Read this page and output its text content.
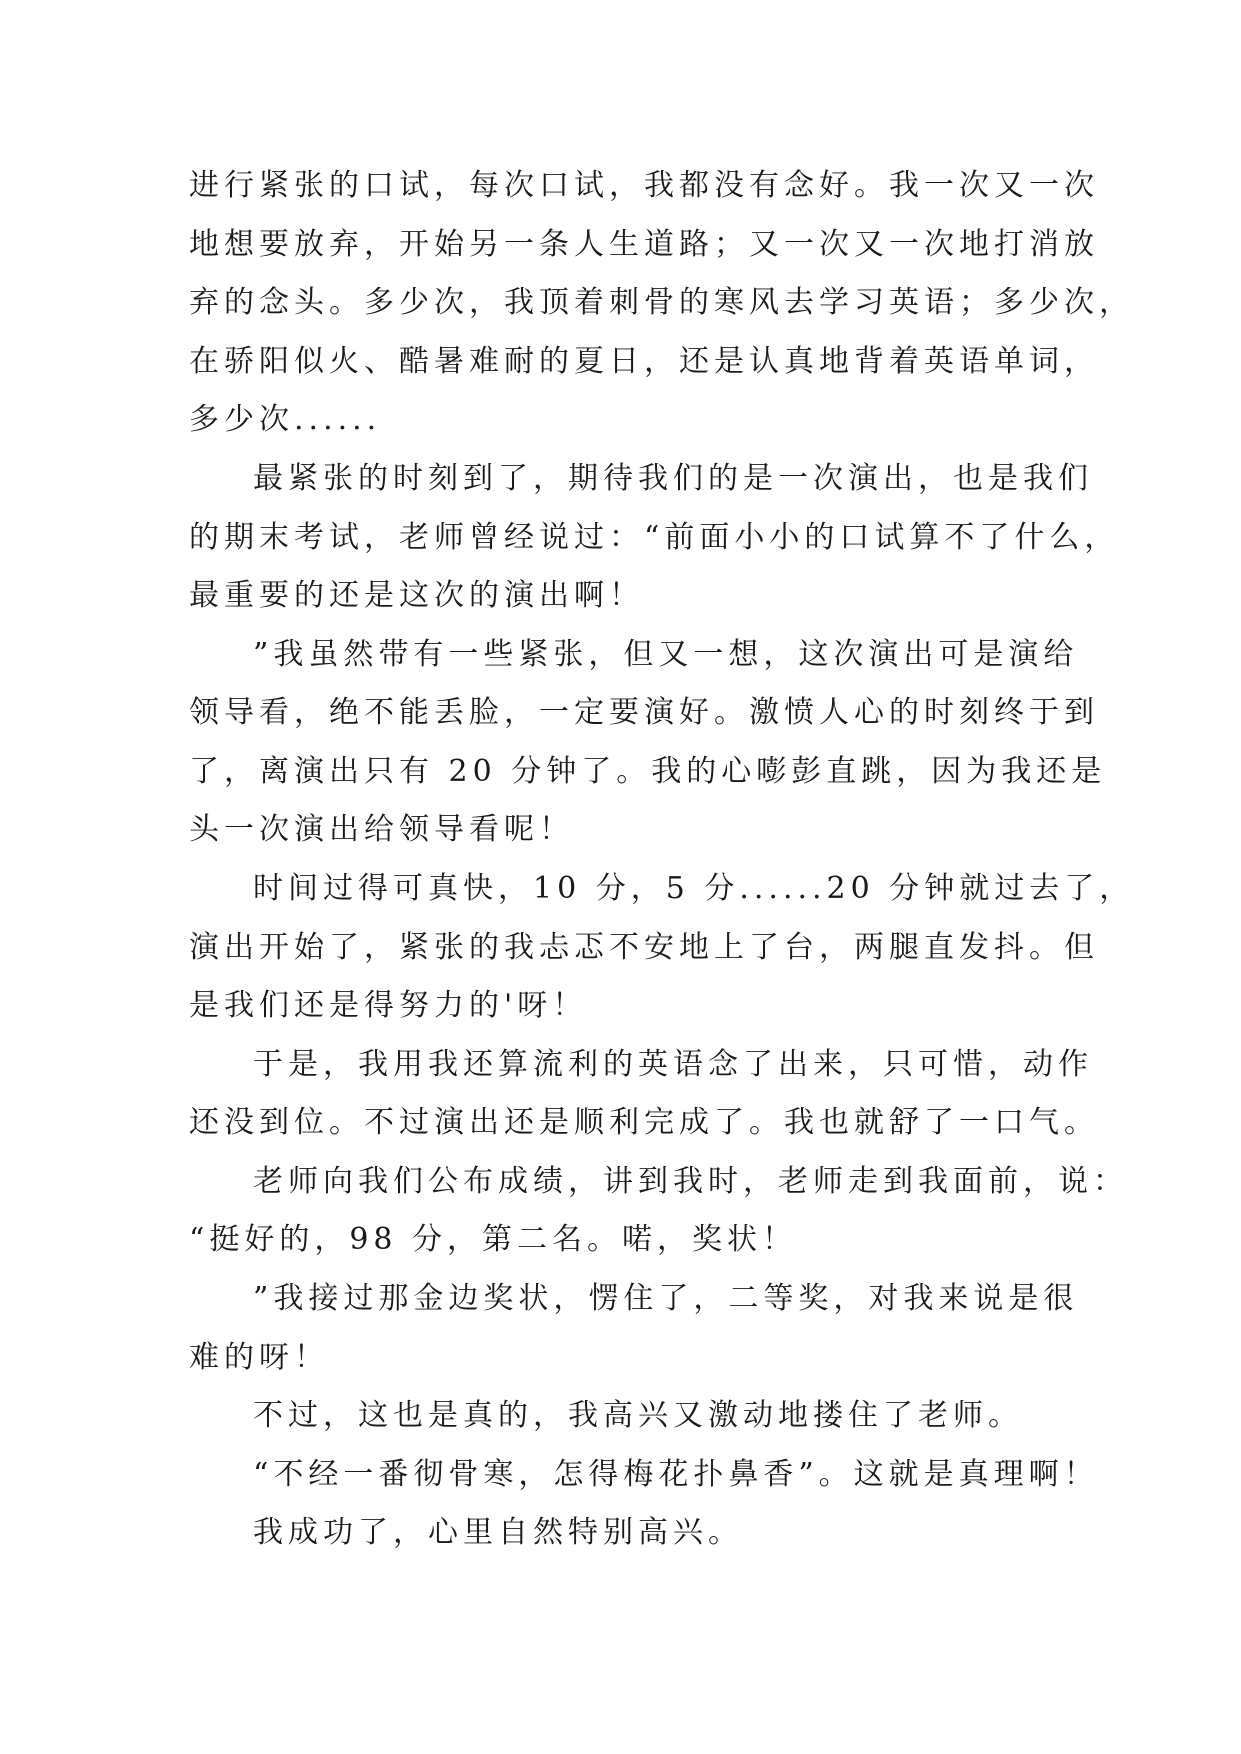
进行紧张的口试，每次口试，我都没有念好。我一次又一次
地想要放弃，开始另一条人生道路；又一次又一次地打消放
弃的念头。多少次，我顶着刺骨的寒风去学习英语；多少次，
在骄阳似火、酷暑难耐的夏日，还是认真地背着英语单词，
多少次......
最紧张的时刻到了，期待我们的是一次演出，也是我们
的期末考试，老师曾经说过：“前面小小的口试算不了什么，
最重要的还是这次的演出啊！
”我虽然带有一些紧张，但又一想，这次演出可是演给
领导看，绝不能丢脸，一定要演好。激愤人心的时刻终于到
了，离演出只有 20 分钟了。我的心嘭彭直跳，因为我还是
头一次演出给领导看呢！
时间过得可真快，10 分，5 分......20 分钟就过去了，
演出开始了，紧张的我忐忑不安地上了台，两腿直发抖。但
是我们还是得努力的'呀！
于是，我用我还算流利的英语念了出来，只可惜，动作
还没到位。不过演出还是顺利完成了。我也就舒了一口气。
老师向我们公布成绩，讲到我时，老师走到我面前，说：
“挺好的，98 分，第二名。喏，奖状！
”我接过那金边奖状，愣住了，二等奖，对我来说是很
难的呀！
不过，这也是真的，我高兴又激动地搂住了老师。
“不经一番彻骨寒，怎得梅花扑鼻香”。这就是真理啊！
我成功了，心里自然特别高兴。
